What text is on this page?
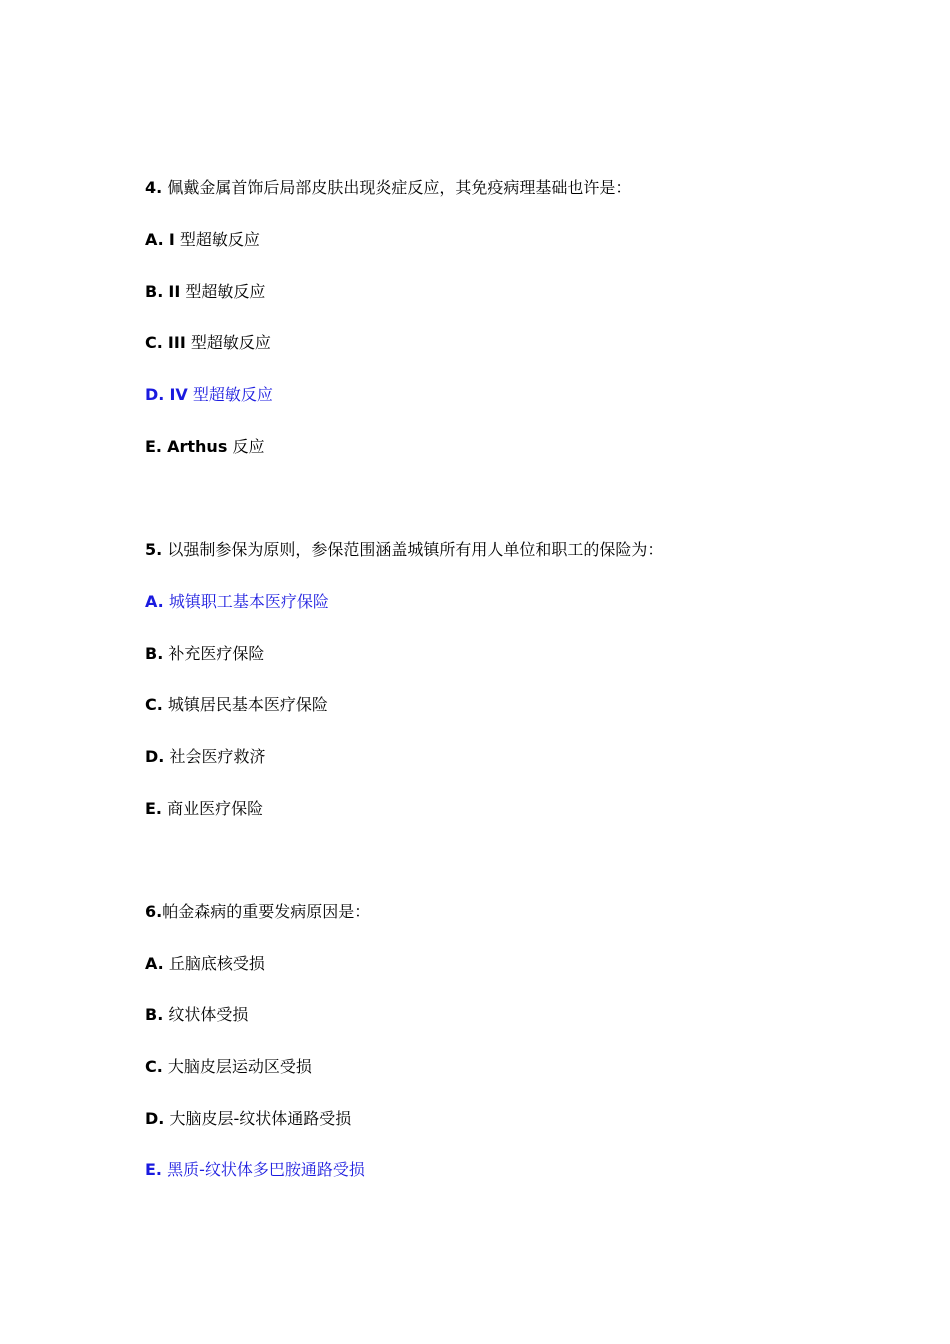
4. 佩戴金属首饰后局部皮肤出现炎症反应，其免疫病理基础也许是：
A. I 型超敏反应
B. II 型超敏反应
C. III 型超敏反应
D. IV 型超敏反应
E. Arthus 反应
5. 以强制参保为原则，参保范围涵盖城镇所有用人单位和职工的保险为：
A. 城镇职工基本医疗保险
B. 补充医疗保险
C. 城镇居民基本医疗保险
D. 社会医疗救济
E. 商业医疗保险
6.帕金森病的重要发病原因是：
A. 丘脑底核受损
B. 纹状体受损
C. 大脑皮层运动区受损
D. 大脑皮层-纹状体通路受损
E. 黑质-纹状体多巴胺通路受损
